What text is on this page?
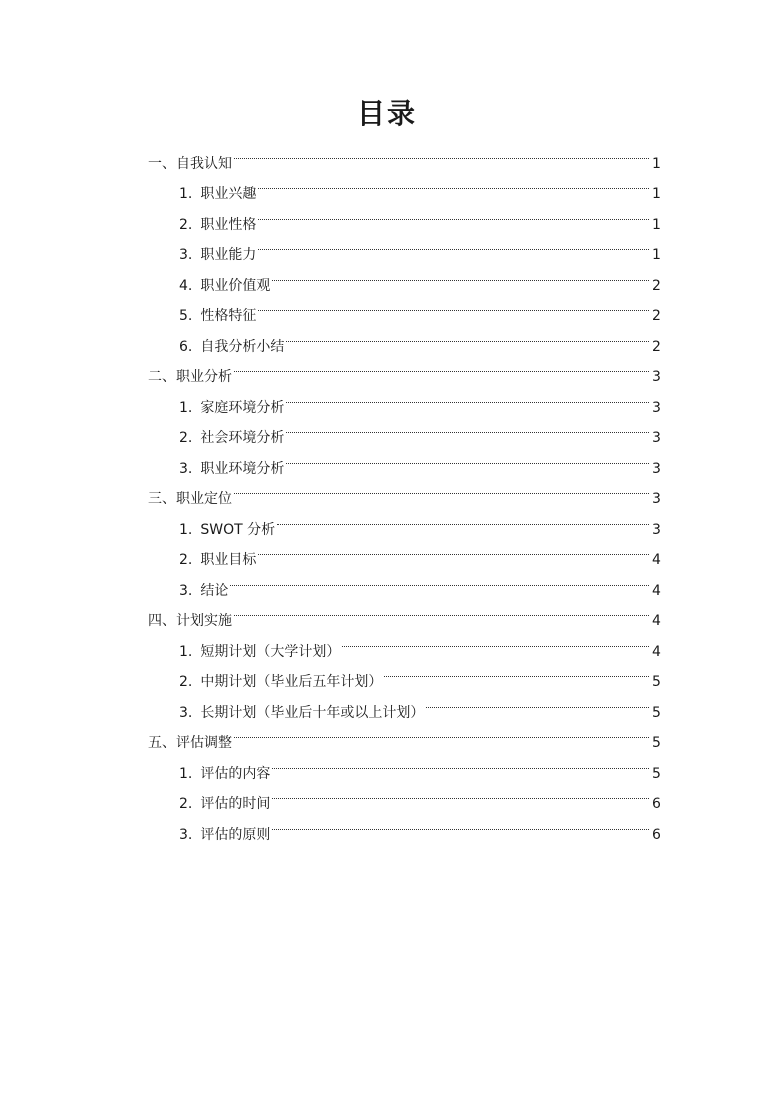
目录
一、 自我认知	1
1. 职业兴趣	1
2. 职业性格	1
3. 职业能力	1
4. 职业价值观	2
5. 性格特征	2
6. 自我分析小结	2
二、 职业分析	3
1. 家庭环境分析	3
2. 社会环境分析	3
3. 职业环境分析	3
三、 职业定位	3
1. SWOT 分析	3
2. 职业目标	4
3. 结论	4
四、 计划实施	4
1. 短期计划（大学计划）	4
2. 中期计划（毕业后五年计划）	5
3. 长期计划（毕业后十年或以上计划）	5
五、 评估调整	5
1. 评估的内容	5
2. 评估的时间	6
3. 评估的原则	6
